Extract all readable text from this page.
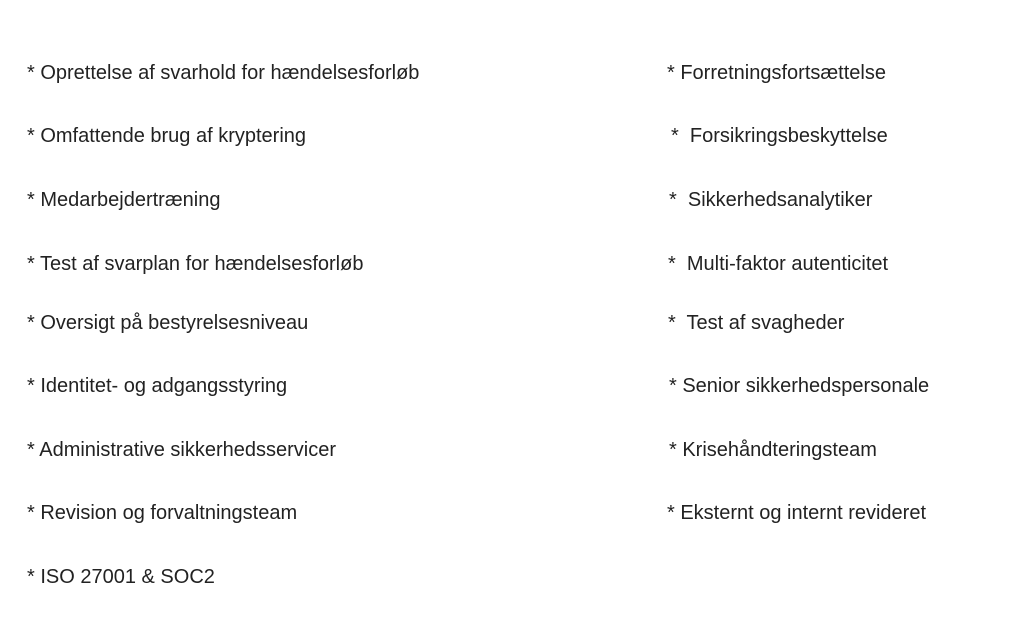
* Oprettelse af svarhold for hændelsesforløb
* Omfattende brug af kryptering
* Medarbejdertræning
* Test af svarplan for hændelsesforløb
* Oversigt på bestyrelsesniveau
* Identitet- og adgangsstyring
* Administrative sikkerhedsservicer
* Revision og forvaltningsteam
* ISO 27001 & SOC2
* Forretningsfortsættelse
*  Forsikringsbeskyttelse
*  Sikkerhedsanalytiker
*  Multi-faktor autenticitet
*  Test af svagheder
* Senior sikkerhedspersonale
* Krisehåndteringsteam
* Eksternt og internt revideret
